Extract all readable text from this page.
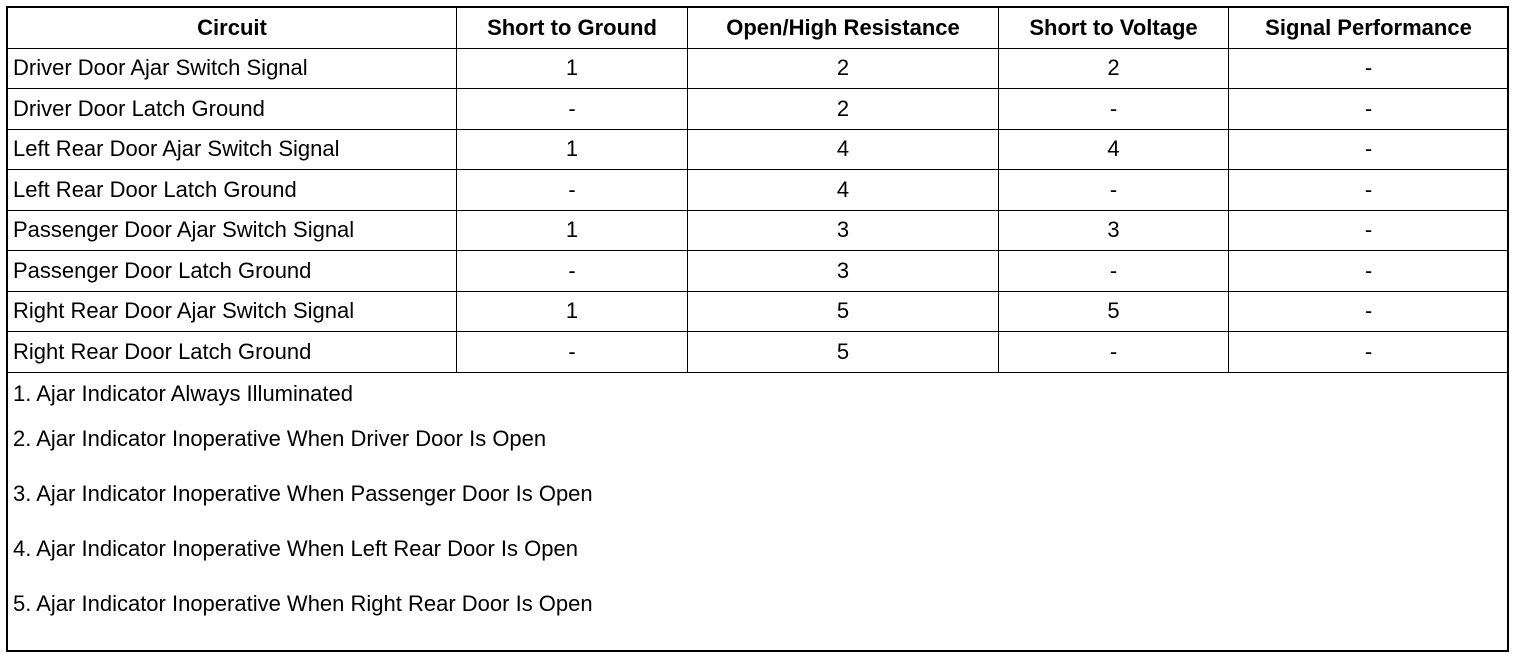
Circuit	Short to Ground	Open/High Resistance	Short to Voltage	Signal Performance
Driver Door Ajar Switch Signal	1	2	2	-
Driver Door Latch Ground	-	2	-	-
Left Rear Door Ajar Switch Signal	1	4	4	-
Left Rear Door Latch Ground	-	4	-	-
Passenger Door Ajar Switch Signal	1	3	3	-
Passenger Door Latch Ground	-	3	-	-
Right Rear Door Ajar Switch Signal	1	5	5	-
Right Rear Door Latch Ground	-	5	-	-
1. Ajar Indicator Always Illuminated
2. Ajar Indicator Inoperative When Driver Door Is Open
3. Ajar Indicator Inoperative When Passenger Door Is Open
4. Ajar Indicator Inoperative When Left Rear Door Is Open
5. Ajar Indicator Inoperative When Right Rear Door Is Open
